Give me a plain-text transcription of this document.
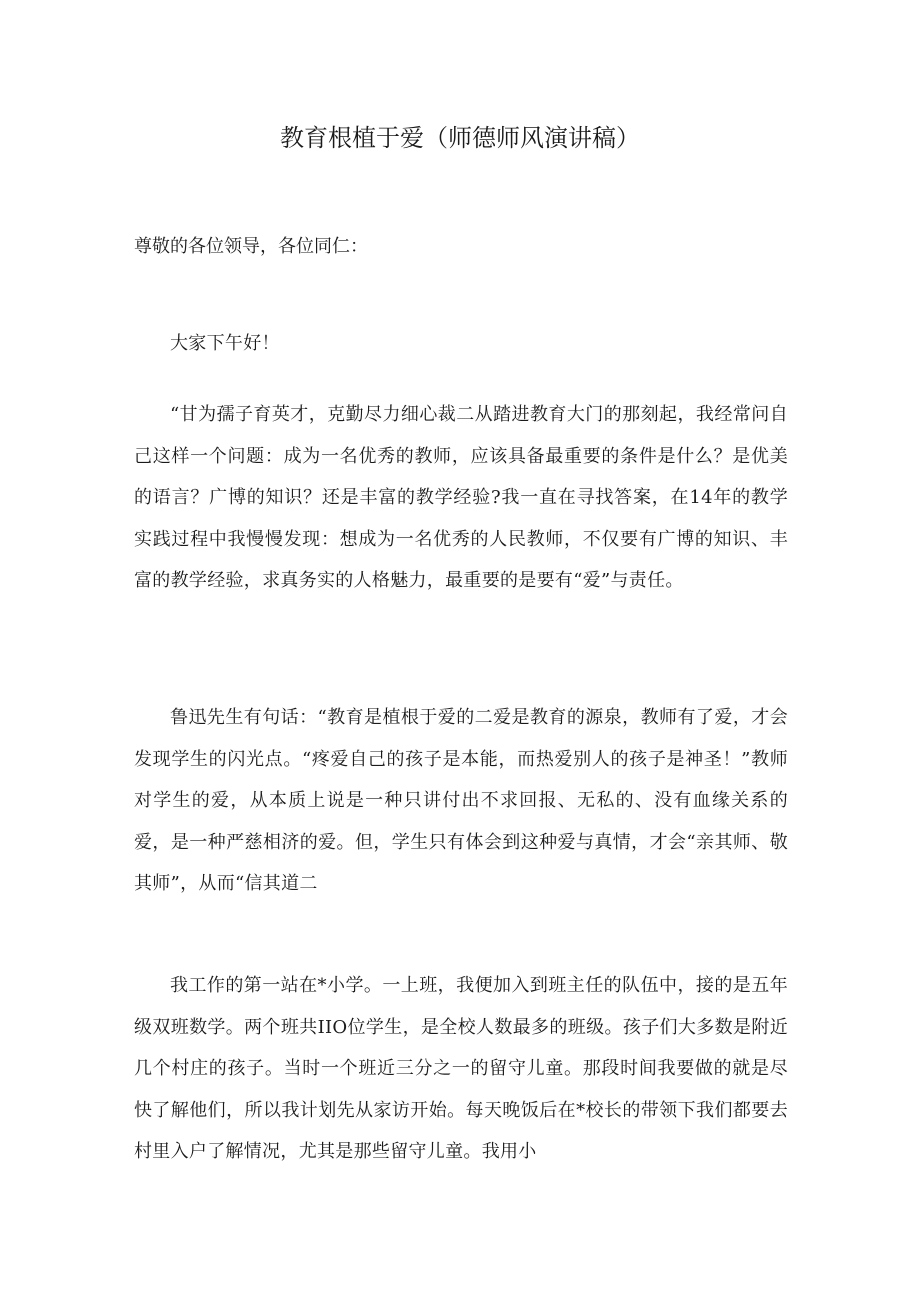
教育根植于爱（师德师风演讲稿）

尊敬的各位领导，各位同仁：

大家下午好！

“甘为孺子育英才，克勤尽力细心裁二从踏进教育大门的那刻起，我经常问自己这样一个问题：成为一名优秀的教师，应该具备最重要的条件是什么？是优美的语言？广博的知识？还是丰富的教学经验?我一直在寻找答案，在14年的教学实践过程中我慢慢发现：想成为一名优秀的人民教师，不仅要有广博的知识、丰富的教学经验，求真务实的人格魅力，最重要的是要有“爱”与责任。

鲁迅先生有句话：“教育是植根于爱的二爱是教育的源泉，教师有了爱，才会发现学生的闪光点。“疼爱自己的孩子是本能，而热爱别人的孩子是神圣！”教师对学生的爱，从本质上说是一种只讲付出不求回报、无私的、没有血缘关系的爱，是一种严慈相济的爱。但，学生只有体会到这种爱与真情，才会“亲其师、敬其师”，从而“信其道二

我工作的第一站在*小学。一上班，我便加入到班主任的队伍中，接的是五年级双班数学。两个班共IIO位学生，是全校人数最多的班级。孩子们大多数是附近几个村庄的孩子。当时一个班近三分之一的留守儿童。那段时间我要做的就是尽快了解他们，所以我计划先从家访开始。每天晚饭后在*校长的带领下我们都要去村里入户了解情况，尤其是那些留守儿童。我用小
